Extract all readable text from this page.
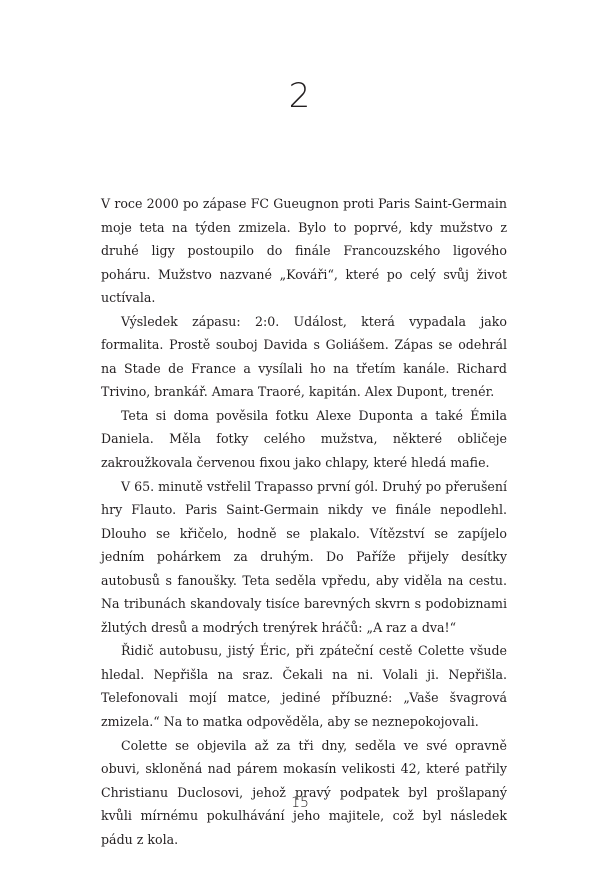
2

V roce 2000 po zápase FC Gueugnon proti Paris Saint-Germain moje teta na týden zmizela. Bylo to poprvé, kdy mužstvo z druhé ligy postoupilo do finále Francouzského ligového poháru. Mužstvo nazvané „Kováři“, které po celý svůj život uctívala.

Výsledek zápasu: 2:0. Událost, která vypadala jako formalita. Prostě souboj Davida s Goliášem. Zápas se odehrál na Stade de France a vysílali ho na třetím kanále. Richard Trivino, brankář. Amara Traoré, kapitán. Alex Dupont, trenér.

Teta si doma pověsila fotku Alexe Duponta a také Émila Daniela. Měla fotky celého mužstva, některé obličeje zakroužkovala červenou fixou jako chlapy, které hledá mafie.

V 65. minutě vstřelil Trapasso první gól. Druhý po přerušení hry Flauto. Paris Saint-Germain nikdy ve finále nepodlehl. Dlouho se křičelo, hodně se plakalo. Vítězství se zapíjelo jedním pohárkem za druhým. Do Paříže přijely desítky autobusů s fanoušky. Teta seděla vpředu, aby viděla na cestu. Na tribunách skandovaly tisíce barevných skvrn s podobiznami žlutých dresů a modrých trenýrek hráčů: „A raz a dva!“

Řidič autobusu, jistý Éric, při zpáteční cestě Colette všude hledal. Nepřišla na sraz. Čekali na ni. Volali ji. Nepřišla. Telefonovali mojí matce, jediné příbuzné: „Vaše švagrová zmizela.“ Na to matka odpověděla, aby se neznepokojovali.

Colette se objevila až za tři dny, seděla ve své opravně obuvi, skloněná nad párem mokasín velikosti 42, které patřily Christianu Duclosovi, jehož pravý podpatek byl prošlapaný kvůli mírnému pokulhávání jeho majitele, což byl následek pádu z kola.

15
